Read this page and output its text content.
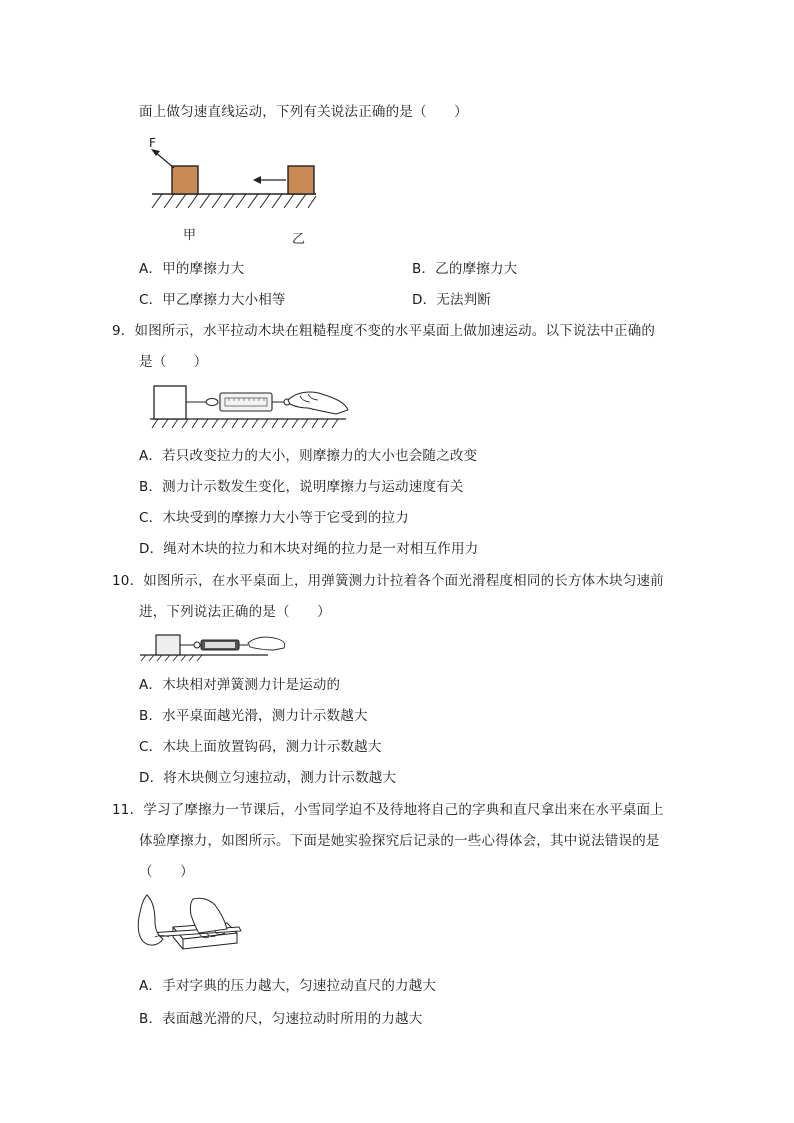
面上做匀速直线运动，下列有关说法正确的是（　　）
F
甲	乙
A．甲的摩擦力大	B．乙的摩擦力大
C．甲乙摩擦力大小相等	D．无法判断
9．如图所示，水平拉动木块在粗糙程度不变的水平桌面上做加速运动。以下说法中正确的
是（　　）
A．若只改变拉力的大小，则摩擦力的大小也会随之改变
B．测力计示数发生变化，说明摩擦力与运动速度有关
C．木块受到的摩擦力大小等于它受到的拉力
D．绳对木块的拉力和木块对绳的拉力是一对相互作用力
10．如图所示，在水平桌面上，用弹簧测力计拉着各个面光滑程度相同的长方体木块匀速前
进，下列说法正确的是（　　）
A．木块相对弹簧测力计是运动的
B．水平桌面越光滑，测力计示数越大
C．木块上面放置钩码，测力计示数越大
D．将木块侧立匀速拉动，测力计示数越大
11．学习了摩擦力一节课后，小雪同学迫不及待地将自己的字典和直尺拿出来在水平桌面上
体验摩擦力，如图所示。下面是她实验探究后记录的一些心得体会，其中说法错误的是
（　　）
A．手对字典的压力越大，匀速拉动直尺的力越大
B．表面越光滑的尺，匀速拉动时所用的力越大
